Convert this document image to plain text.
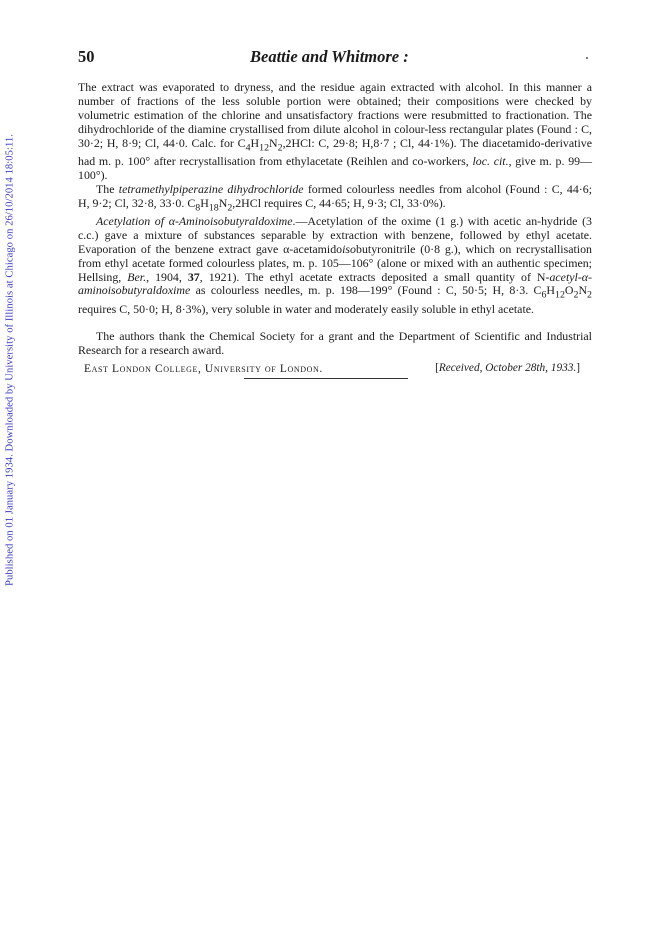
Published on 01 January 1934. Downloaded by University of Illinois at Chicago on 26/10/2014 18:05:11.
50	Beattie and Whitmore :

The extract was evaporated to dryness, and the residue again extracted with alcohol. In this manner a number of fractions of the less soluble portion were obtained; their compositions were checked by volumetric estimation of the chlorine and unsatisfactory fractions were resubmitted to fractionation. The dihydrochloride of the diamine crystallised from dilute alcohol in colour-less rectangular plates (Found : C, 30·2; H, 8·9; Cl, 44·0. Calc. for $C_4H_{12}N_2,2HCl$: C, 29·8; H,8·7 ; Cl, 44·1%). The diacetamido-derivative had m. p. 100° after recrystallisation from ethylacetate (Reihlen and co-workers, loc. cit., give m. p. 99—100°).

The tetramethylpiperazine dihydrochloride formed colourless needles from alcohol (Found : C, 44·6; H, 9·2; Cl, 32·8, 33·0. $C_8H_{18}N_2,2HCl$ requires C, 44·65; H, 9·3; Cl, 33·0%).

Acetylation of α-Aminoisobutyraldoxime.—Acetylation of the oxime (1 g.) with acetic an-hydride (3 c.c.) gave a mixture of substances separable by extraction with benzene, followed by ethyl acetate. Evaporation of the benzene extract gave α-acetamidoisobutyronitrile (0·8 g.), which on recrystallisation from ethyl acetate formed colourless plates, m. p. 105—106° (alone or mixed with an authentic specimen; Hellsing, Ber., 1904, 37, 1921). The ethyl acetate extracts deposited a small quantity of N-acetyl-α-aminoisobutyraldoxime as colourless needles, m. p. 198—199° (Found : C, 50·5; H, 8·3. $C_6H_{12}O_2N_2$ requires C, 50·0; H, 8·3%), very soluble in water and moderately easily soluble in ethyl acetate.

The authors thank the Chemical Society for a grant and the Department of Scientific and Industrial Research for a research award.

East London College, University of London.	[Received, October 28th, 1933.]
